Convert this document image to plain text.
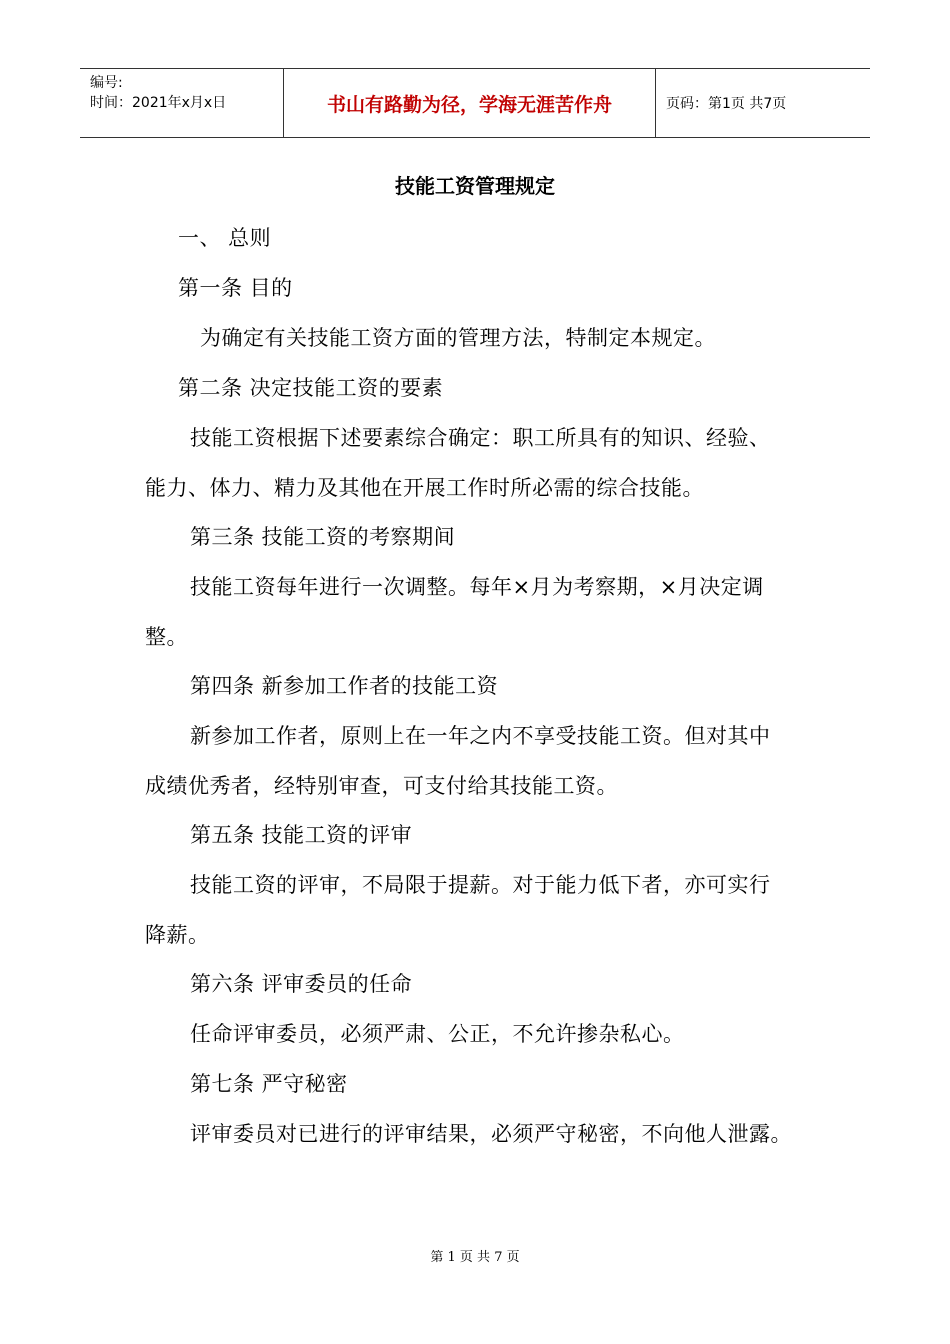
编号:
时间：2021年x月x日	书山有路勤为径，学海无涯苦作舟	页码：第1页 共7页
技能工资管理规定
一、 总则
第一条 目的
为确定有关技能工资方面的管理方法，特制定本规定。
第二条 决定技能工资的要素
技能工资根据下述要素综合确定：职工所具有的知识、经验、
能力、体力、精力及其他在开展工作时所必需的综合技能。
第三条 技能工资的考察期间
技能工资每年进行一次调整。每年×月为考察期，×月决定调
整。
第四条 新参加工作者的技能工资
新参加工作者，原则上在一年之内不享受技能工资。但对其中
成绩优秀者，经特别审查，可支付给其技能工资。
第五条 技能工资的评审
技能工资的评审，不局限于提薪。对于能力低下者，亦可实行
降薪。
第六条 评审委员的任命
任命评审委员，必须严肃、公正，不允许掺杂私心。
第七条 严守秘密
评审委员对已进行的评审结果，必须严守秘密，不向他人泄露。
第 1 页 共 7 页
